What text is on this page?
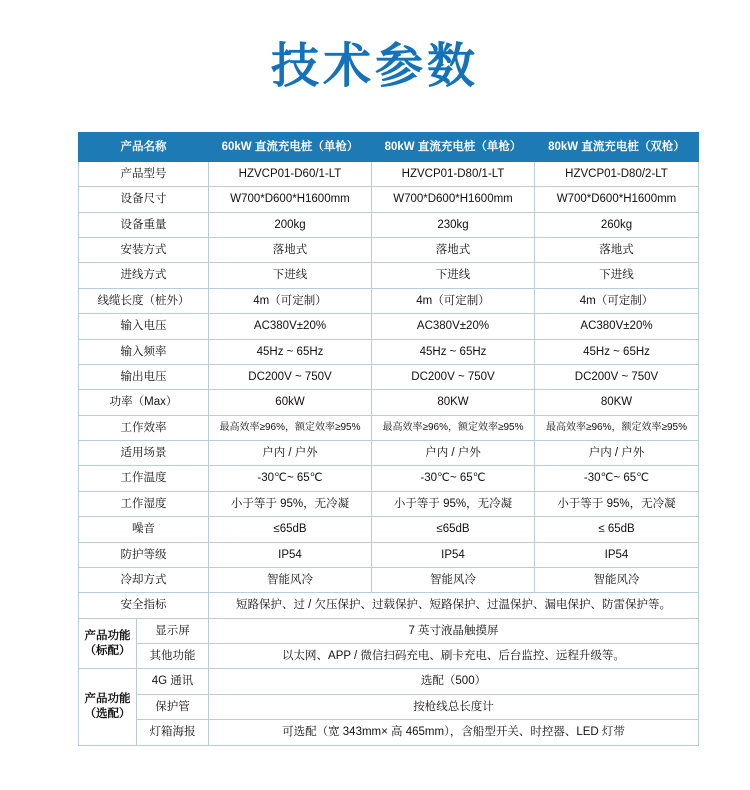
技术参数
产品名称		60kW 直流充电桩（单枪）	80kW 直流充电桩（单枪）	80kW 直流充电桩（双枪）
产品型号		HZVCP01-D60/1-LT	HZVCP01-D80/1-LT	HZVCP01-D80/2-LT
设备尺寸		W700*D600*H1600mm	W700*D600*H1600mm	W700*D600*H1600mm
设备重量		200kg	230kg	260kg
安装方式		落地式	落地式	落地式
进线方式		下进线	下进线	下进线
线缆长度（桩外）		4m（可定制）	4m（可定制）	4m（可定制）
输入电压		AC380V±20%	AC380V±20%	AC380V±20%
输入频率		45Hz ~ 65Hz	45Hz ~ 65Hz	45Hz ~ 65Hz
输出电压		DC200V ~ 750V	DC200V ~ 750V	DC200V ~ 750V
功率（Max）		60kW	80KW	80KW
工作效率		最高效率≥96%，额定效率≥95%	最高效率≥96%，额定效率≥95%	最高效率≥96%，额定效率≥95%
适用场景		户内 / 户外	户内 / 户外	户内 / 户外
工作温度		-30℃~ 65℃	-30℃~ 65℃	-30℃~ 65℃
工作湿度		小于等于 95%，无冷凝	小于等于 95%，无冷凝	小于等于 95%，无冷凝
噪音		≤65dB	≤65dB	≤ 65dB
防护等级		IP54	IP54	IP54
冷却方式		智能风冷	智能风冷	智能风冷
安全指标		短路保护、过 / 欠压保护、过载保护、短路保护、过温保护、漏电保护、防雷保护等。		
产品功能
（标配）	显示屏	7 英寸液晶触摸屏		
	其他功能	以太网、APP / 微信扫码充电、刷卡充电、后台监控、远程升级等。		
产品功能
（选配）	4G 通讯	选配（500）		
	保护管	按枪线总长度计		
	灯箱海报	可选配（宽 343mm× 高 465mm），含船型开关、时控器、LED 灯带		
